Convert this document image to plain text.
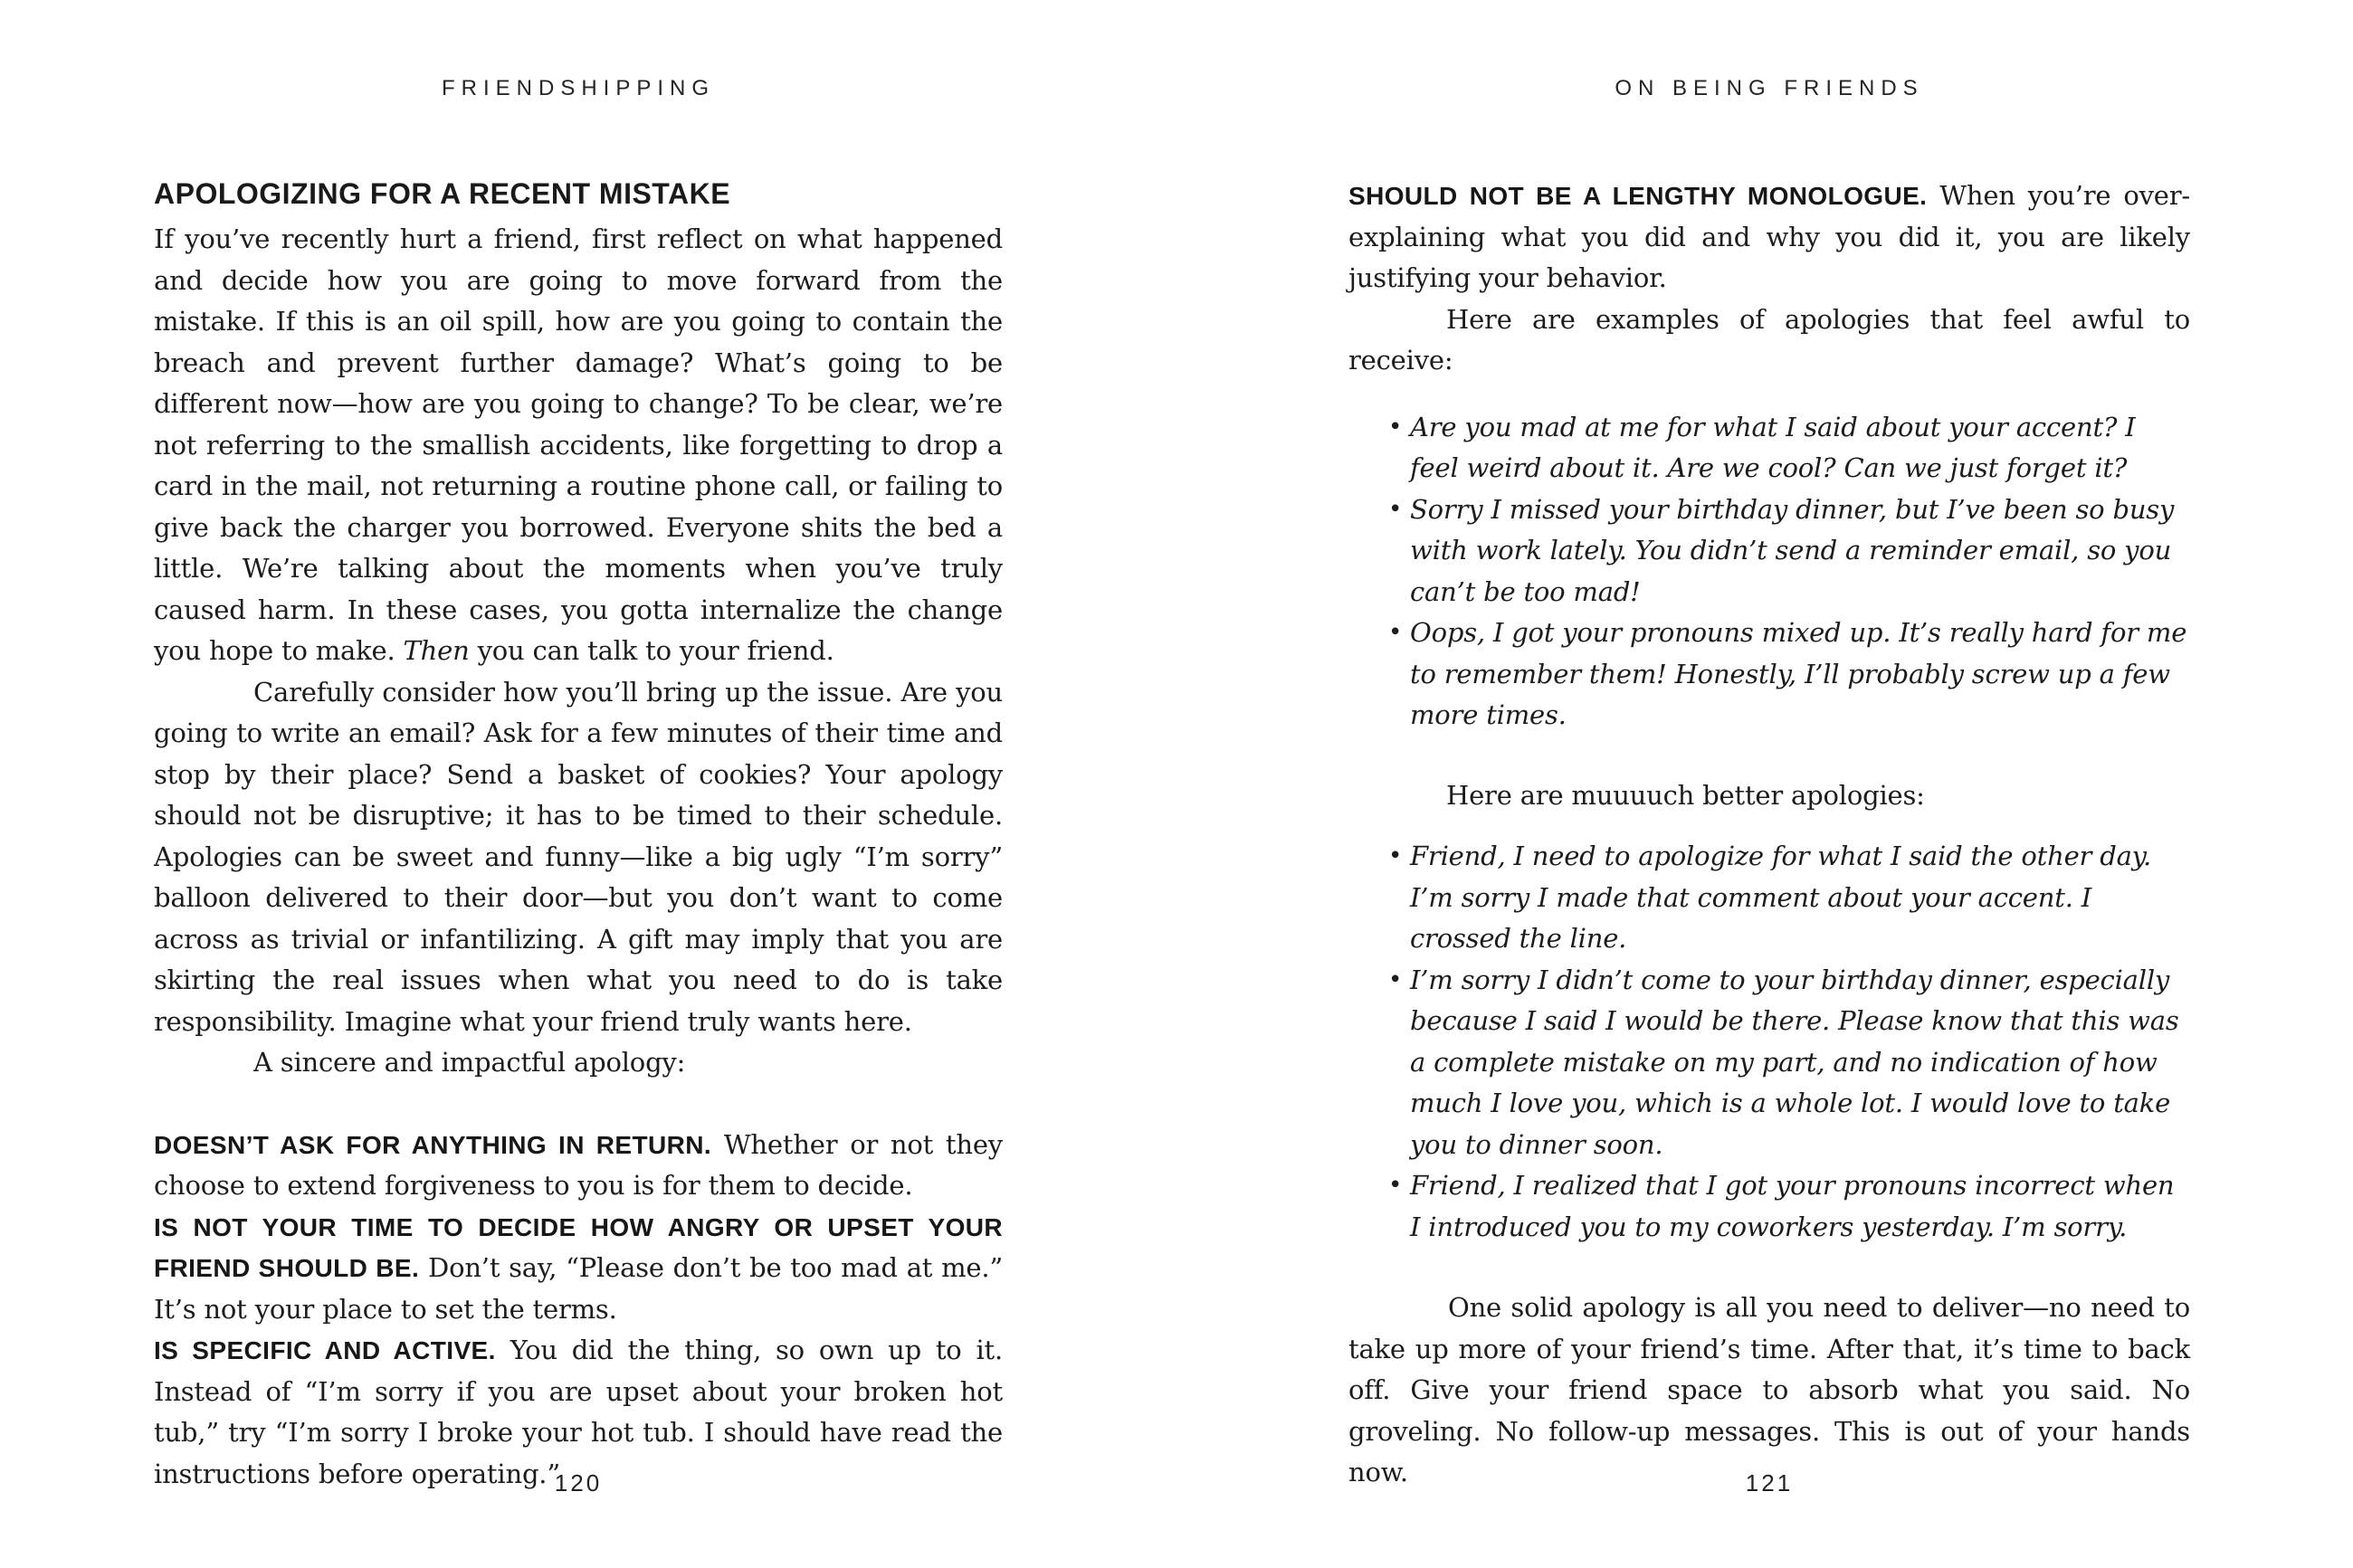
FRIENDSHIPPING
APOLOGIZING FOR A RECENT MISTAKE

If you’ve recently hurt a friend, first reflect on what happened and decide how you are going to move forward from the mistake. If this is an oil spill, how are you going to contain the breach and prevent further damage? What’s going to be different now—how are you going to change? To be clear, we’re not referring to the smallish accidents, like forgetting to drop a card in the mail, not returning a routine phone call, or failing to give back the charger you borrowed. Everyone shits the bed a little. We’re talking about the moments when you’ve truly caused harm. In these cases, you gotta internalize the change you hope to make. Then you can talk to your friend.

Carefully consider how you’ll bring up the issue. Are you going to write an email? Ask for a few minutes of their time and stop by their place? Send a basket of cookies? Your apology should not be disruptive; it has to be timed to their schedule. Apologies can be sweet and funny—like a big ugly “I’m sorry” balloon delivered to their door—but you don’t want to come across as trivial or infantilizing. A gift may imply that you are skirting the real issues when what you need to do is take responsibility. Imagine what your friend truly wants here.

A sincere and impactful apology:

DOESN’T ASK FOR ANYTHING IN RETURN. Whether or not they choose to extend forgiveness to you is for them to decide.

IS NOT YOUR TIME TO DECIDE HOW ANGRY OR UPSET YOUR FRIEND SHOULD BE. Don’t say, “Please don’t be too mad at me.” It’s not your place to set the terms.

IS SPECIFIC AND ACTIVE. You did the thing, so own up to it. Instead of “I’m sorry if you are upset about your broken hot tub,” try “I’m sorry I broke your hot tub. I should have read the instructions before operating.”

120
ON BEING FRIENDS

SHOULD NOT BE A LENGTHY MONOLOGUE. When you’re over-explaining what you did and why you did it, you are likely justifying your behavior.

Here are examples of apologies that feel awful to receive:

• Are you mad at me for what I said about your accent? I feel weird about it. Are we cool? Can we just forget it?
• Sorry I missed your birthday dinner, but I’ve been so busy with work lately. You didn’t send a reminder email, so you can’t be too mad!
• Oops, I got your pronouns mixed up. It’s really hard for me to remember them! Honestly, I’ll probably screw up a few more times.

Here are muuuuch better apologies:

• Friend, I need to apologize for what I said the other day. I’m sorry I made that comment about your accent. I crossed the line.
• I’m sorry I didn’t come to your birthday dinner, especially because I said I would be there. Please know that this was a complete mistake on my part, and no indication of how much I love you, which is a whole lot. I would love to take you to dinner soon.
• Friend, I realized that I got your pronouns incorrect when I introduced you to my coworkers yesterday. I’m sorry.

One solid apology is all you need to deliver—no need to take up more of your friend’s time. After that, it’s time to back off. Give your friend space to absorb what you said. No groveling. No follow-up messages. This is out of your hands now.	121
